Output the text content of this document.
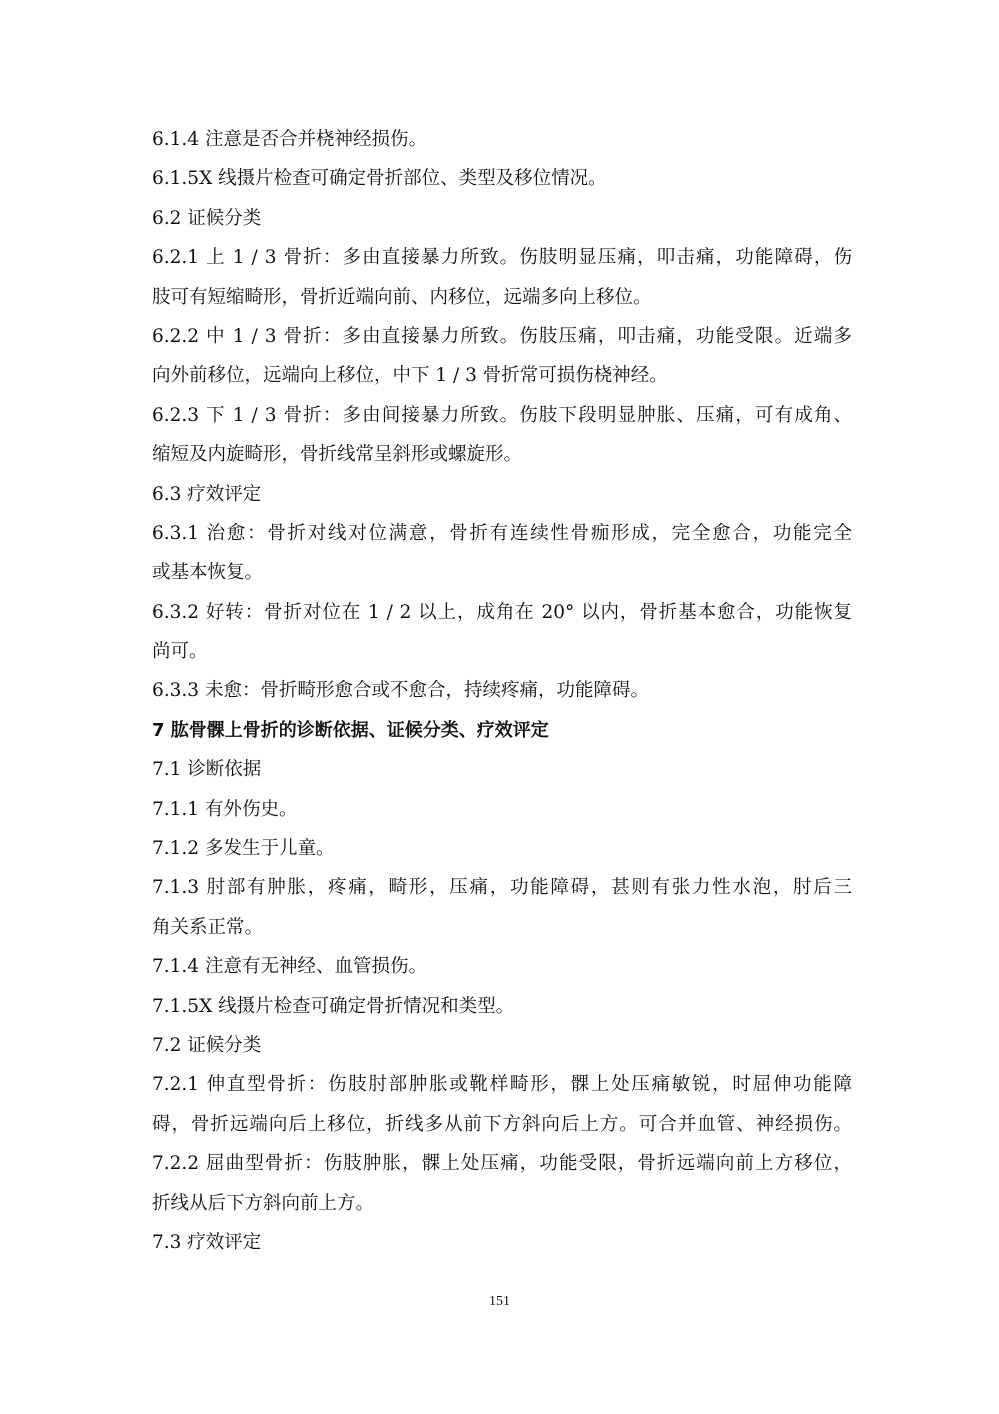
6.1.4 注意是否合并桡神经损伤。
6.1.5X 线摄片检查可确定骨折部位、类型及移位情况。
6.2 证候分类
6.2.1 上 1 / 3 骨折：多由直接暴力所致。伤肢明显压痛，叩击痛，功能障碍，伤
肢可有短缩畸形，骨折近端向前、内移位，远端多向上移位。
6.2.2 中 1 / 3 骨折：多由直接暴力所致。伤肢压痛，叩击痛，功能受限。近端多
向外前移位，远端向上移位，中下 1 / 3 骨折常可损伤桡神经。
6.2.3 下 1 / 3 骨折：多由间接暴力所致。伤肢下段明显肿胀、压痛，可有成角、
缩短及内旋畸形，骨折线常呈斜形或螺旋形。
6.3 疗效评定
6.3.1 治愈：骨折对线对位满意，骨折有连续性骨痂形成，完全愈合，功能完全
或基本恢复。
6.3.2 好转：骨折对位在 1 / 2 以上，成角在 20° 以内，骨折基本愈合，功能恢复
尚可。
6.3.3 未愈：骨折畸形愈合或不愈合，持续疼痛，功能障碍。
7 肱骨髁上骨折的诊断依据、证候分类、疗效评定
7.1 诊断依据
7.1.1 有外伤史。
7.1.2 多发生于儿童。
7.1.3 肘部有肿胀，疼痛，畸形，压痛，功能障碍，甚则有张力性水泡，肘后三
角关系正常。
7.1.4 注意有无神经、血管损伤。
7.1.5X 线摄片检查可确定骨折情况和类型。
7.2 证候分类
7.2.1 伸直型骨折：伤肢肘部肿胀或靴样畸形，髁上处压痛敏锐，时屈伸功能障
碍，骨折远端向后上移位，折线多从前下方斜向后上方。可合并血管、神经损伤。
7.2.2 屈曲型骨折：伤肢肿胀，髁上处压痛，功能受限，骨折远端向前上方移位，
折线从后下方斜向前上方。
7.3 疗效评定
151
